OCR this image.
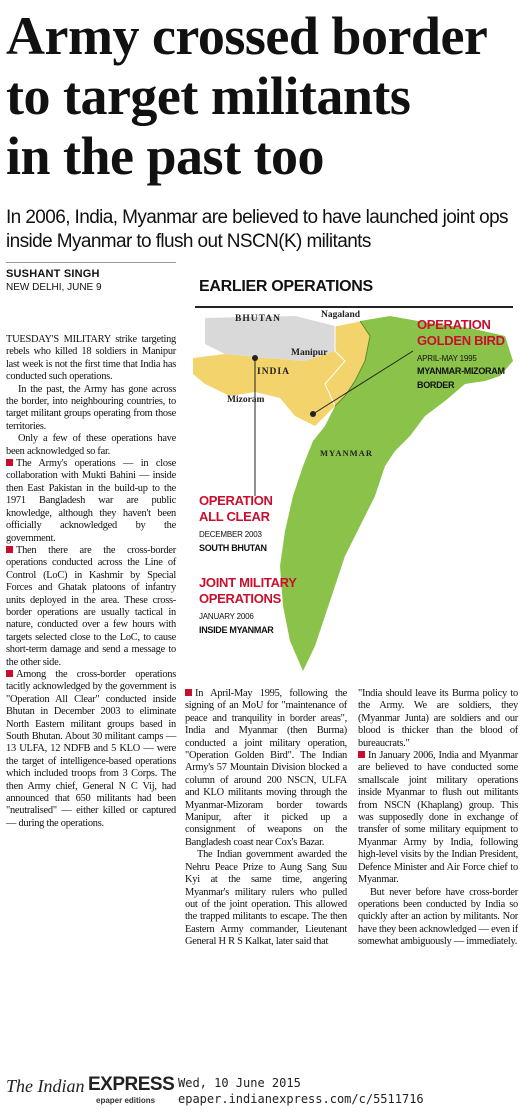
Army crossed border
to target militants
in the past too
In 2006, India, Myanmar are believed to have launched joint ops inside Myanmar to flush out NSCN(K) militants
SUSHANT SINGH
NEW DELHI, JUNE 9

TUESDAY'S MILITARY strike targeting rebels who killed 18 soldiers in Manipur last week is not the first time that India has conducted such operations.

In the past, the Army has gone across the border, into neighbouring countries, to target militant groups operating from those territories.

Only a few of these operations have been acknowledged so far.

The Army's operations — in close collaboration with Mukti Bahini — inside then East Pakistan in the build-up to the 1971 Bangladesh war are public knowledge, although they haven't been officially acknowledged by the government.

Then there are the cross-border operations conducted across the Line of Control (LoC) in Kashmir by Special Forces and Ghatak platoons of infantry units deployed in the area. These cross-border operations are usually tactical in nature, conducted over a few hours with targets selected close to the LoC, to cause short-term damage and send a message to the other side.

Among the cross-border operations tacitly acknowledged by the government is "Operation All Clear" conducted inside Bhutan in December 2003 to eliminate North Eastern militant groups based in South Bhutan. About 30 militant camps — 13 ULFA, 12 NDFB and 5 KLO — were the target of intelligence-based operations which included troops from 3 Corps. The then Army chief, General N C Vij, had announced that 650 militants had been "neutralised" — either killed or captured — during the operations.

EARLIER OPERATIONS
BHUTAN	Nagaland
Manipur
INDIA
Mizoram
MYANMAR
OPERATION
GOLDEN BIRD
APRIL-MAY 1995
MYANMAR-MIZORAM
BORDER
OPERATION
ALL CLEAR
DECEMBER 2003
SOUTH BHUTAN
JOINT MILITARY
OPERATIONS
JANUARY 2006
INSIDE MYANMAR

In April-May 1995, following the signing of an MoU for "maintenance of peace and tranquility in border areas", India and Myanmar (then Burma) conducted a joint military operation, "Operation Golden Bird". The Indian Army's 57 Mountain Division blocked a column of around 200 NSCN, ULFA and KLO militants moving through the Myanmar-Mizoram border towards Manipur, after it picked up a consignment of weapons on the Bangladesh coast near Cox's Bazar.

The Indian government awarded the Nehru Peace Prize to Aung Sang Suu Kyi at the same time, angering Myanmar's military rulers who pulled out of the joint operation. This allowed the trapped militants to escape. The then Eastern Army commander, Lieutenant General H R S Kalkat, later said that

"India should leave its Burma policy to the Army. We are soldiers, they (Myanmar Junta) are soldiers and our blood is thicker than the blood of bureaucrats."

In January 2006, India and Myanmar are believed to have conducted some smallscale joint military operations inside Myanmar to flush out militants from NSCN (Khaplang) group. This was supposedly done in exchange of transfer of some military equipment to Myanmar Army by India, following high-level visits by the Indian President, Defence Minister and Air Force chief to Myanmar.

But never before have cross-border operations been conducted by India so quickly after an action by militants. Nor have they been acknowledged — even if somewhat ambiguously — immediately.

The Indian EXPRESS
epaper editions
Wed, 10 June 2015
epaper.indianexpress.com/c/5511716
